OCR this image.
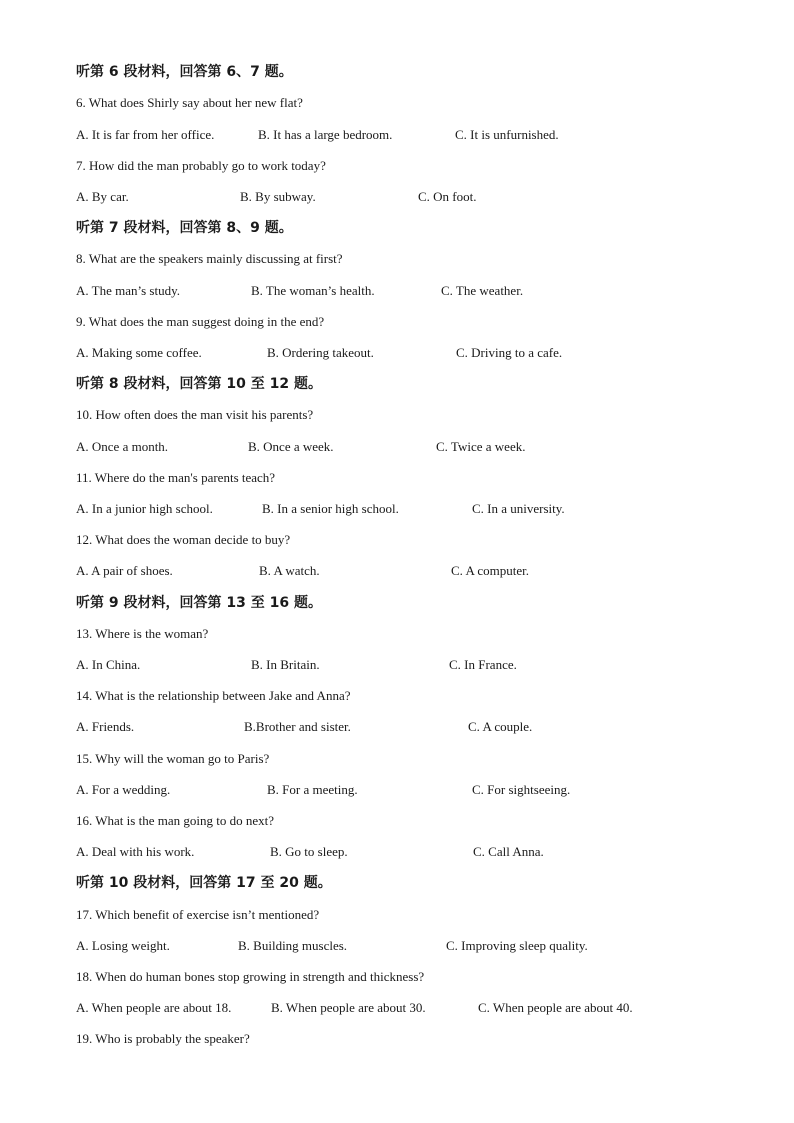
听第 6 段材料，回答第 6、7 题。
6. What does Shirly say about her new flat?
A. It is far from her office.	B. It has a large bedroom.	C. It is unfurnished.
7. How did the man probably go to work today?
A. By car.	B. By subway.	C. On foot.
听第 7 段材料，回答第 8、9 题。
8. What are the speakers mainly discussing at first?
A. The man’s study.	B. The woman’s health.	C. The weather.
9. What does the man suggest doing in the end?
A. Making some coffee.	B. Ordering takeout.	C. Driving to a cafe.
听第 8 段材料，回答第 10 至 12 题。
10. How often does the man visit his parents?
A. Once a month.	B. Once a week.	C. Twice a week.
11. Where do the man's parents teach?
A. In a junior high school.	B. In a senior high school.	C. In a university.
12. What does the woman decide to buy?
A. A pair of shoes.	B. A watch.	C. A computer.
听第 9 段材料，回答第 13 至 16 题。
13. Where is the woman?
A. In China.	B. In Britain.	C. In France.
14. What is the relationship between Jake and Anna?
A. Friends.	B.Brother and sister.	C. A couple.
15. Why will the woman go to Paris?
A. For a wedding.	B. For a meeting.	C. For sightseeing.
16. What is the man going to do next?
A. Deal with his work.	B. Go to sleep.	C. Call Anna.
听第 10 段材料，回答第 17 至 20 题。
17. Which benefit of exercise isn’t mentioned?
A. Losing weight.	B. Building muscles.	C. Improving sleep quality.
18. When do human bones stop growing in strength and thickness?
A. When people are about 18.	B. When people are about 30.	C. When people are about 40.
19. Who is probably the speaker?
